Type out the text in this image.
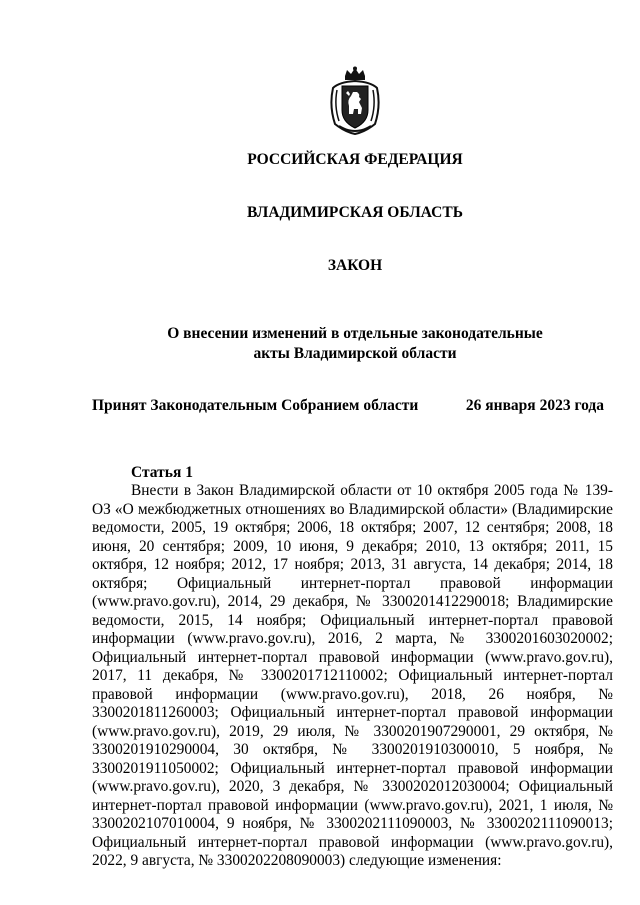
РОССИЙСКАЯ ФЕДЕРАЦИЯ
ВЛАДИМИРСКАЯ ОБЛАСТЬ
ЗАКОН
О внесении изменений в отдельные законодательные
акты Владимирской области
Принят Законодательным Собранием области	26 января 2023 года
Статья 1

Внести в Закон Владимирской области от 10 октября 2005 года № 139-ОЗ «О межбюджетных отношениях во Владимирской области» (Владимирские ведомости, 2005, 19 октября; 2006, 18 октября; 2007, 12 сентября; 2008, 18 июня, 20 сентября; 2009, 10 июня, 9 декабря; 2010, 13 октября; 2011, 15 октября, 12 ноября; 2012, 17 ноября; 2013, 31 августа, 14 декабря; 2014, 18 октября; Официальный интернет-портал правовой информации (www.pravo.gov.ru), 2014, 29 декабря, № 3300201412290018; Владимирские ведомости, 2015, 14 ноября; Официальный интернет-портал правовой информации (www.pravo.gov.ru), 2016, 2 марта, № 3300201603020002; Официальный интернет-портал правовой информации (www.pravo.gov.ru), 2017, 11 декабря, № 3300201712110002; Официальный интернет-портал правовой информации (www.pravo.gov.ru), 2018, 26 ноября, № 3300201811260003; Официальный интернет-портал правовой информации (www.pravo.gov.ru), 2019, 29 июля, № 3300201907290001, 29 октября, № 3300201910290004, 30 октября, № 3300201910300010, 5 ноября, № 3300201911050002; Официальный интернет-портал правовой информации (www.pravo.gov.ru), 2020, 3 декабря, № 3300202012030004; Официальный интернет-портал правовой информации (www.pravo.gov.ru), 2021, 1 июля, № 3300202107010004, 9 ноября, № 3300202111090003, № 3300202111090013; Официальный интернет-портал правовой информации (www.pravo.gov.ru), 2022, 9 августа, № 3300202208090003) следующие изменения:
